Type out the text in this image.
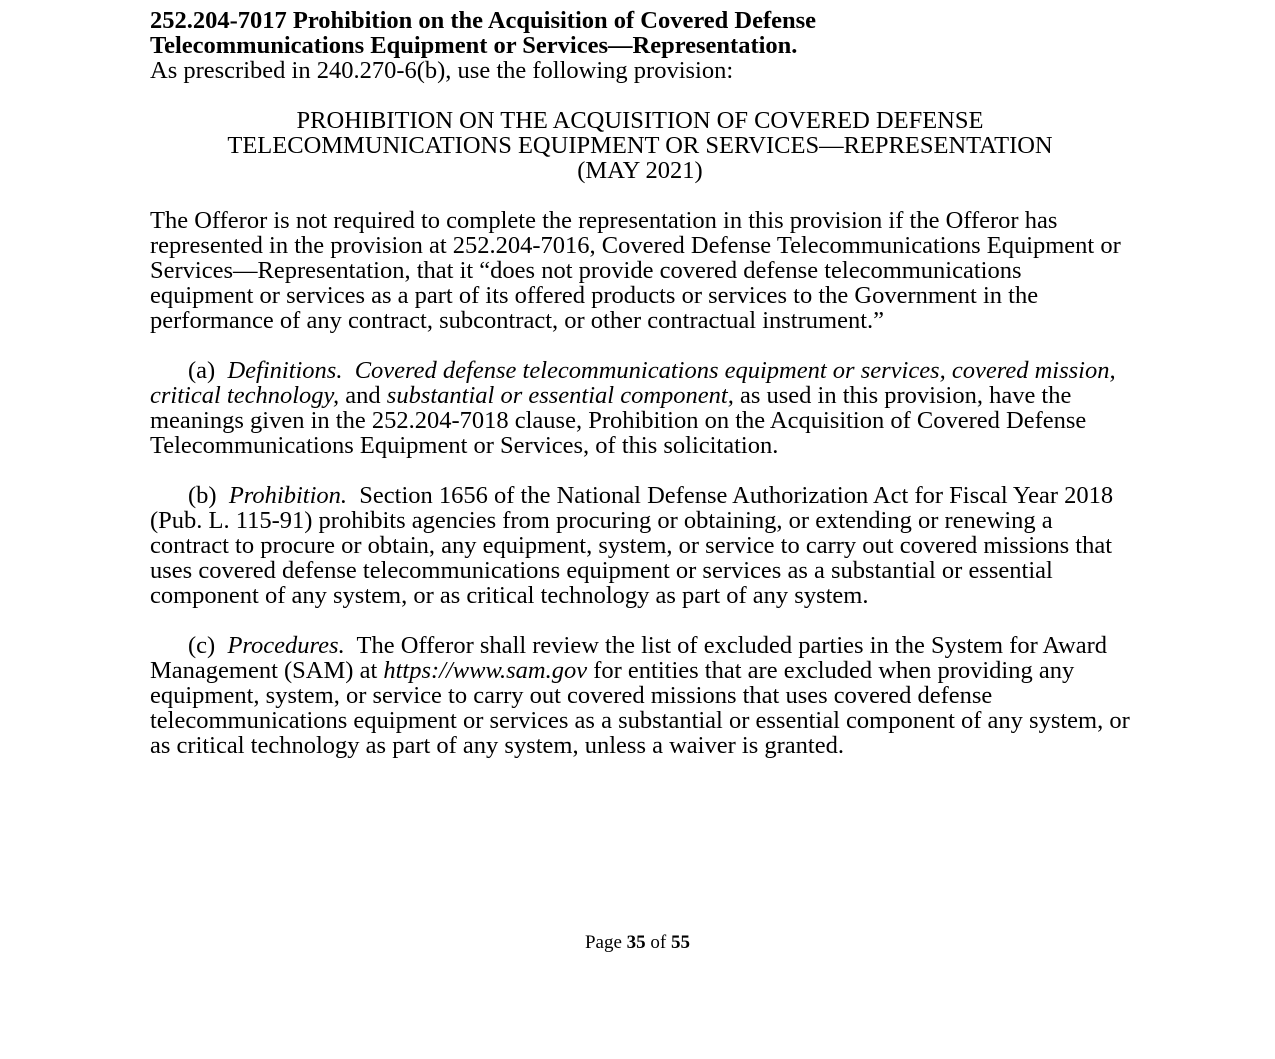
252.204-7017 Prohibition on the Acquisition of Covered Defense
Telecommunications Equipment or Services—Representation.

As prescribed in 240.270-6(b), use the following provision:

PROHIBITION ON THE ACQUISITION OF COVERED DEFENSE
TELECOMMUNICATIONS EQUIPMENT OR SERVICES—REPRESENTATION
(MAY 2021)

The Offeror is not required to complete the representation in this provision if the Offeror has represented in the provision at 252.204-7016, Covered Defense Telecommunications Equipment or Services—Representation, that it “does not provide covered defense telecommunications equipment or services as a part of its offered products or services to the Government in the performance of any contract, subcontract, or other contractual instrument.”

(a) Definitions. Covered defense telecommunications equipment or services, covered mission, critical technology, and substantial or essential component, as used in this provision, have the meanings given in the 252.204-7018 clause, Prohibition on the Acquisition of Covered Defense Telecommunications Equipment or Services, of this solicitation.

(b) Prohibition. Section 1656 of the National Defense Authorization Act for Fiscal Year 2018 (Pub. L. 115-91) prohibits agencies from procuring or obtaining, or extending or renewing a contract to procure or obtain, any equipment, system, or service to carry out covered missions that uses covered defense telecommunications equipment or services as a substantial or essential component of any system, or as critical technology as part of any system.

(c) Procedures. The Offeror shall review the list of excluded parties in the System for Award Management (SAM) at https://www.sam.gov for entities that are excluded when providing any equipment, system, or service to carry out covered missions that uses covered defense telecommunications equipment or services as a substantial or essential component of any system, or as critical technology as part of any system, unless a waiver is granted.

Page 35 of 55
